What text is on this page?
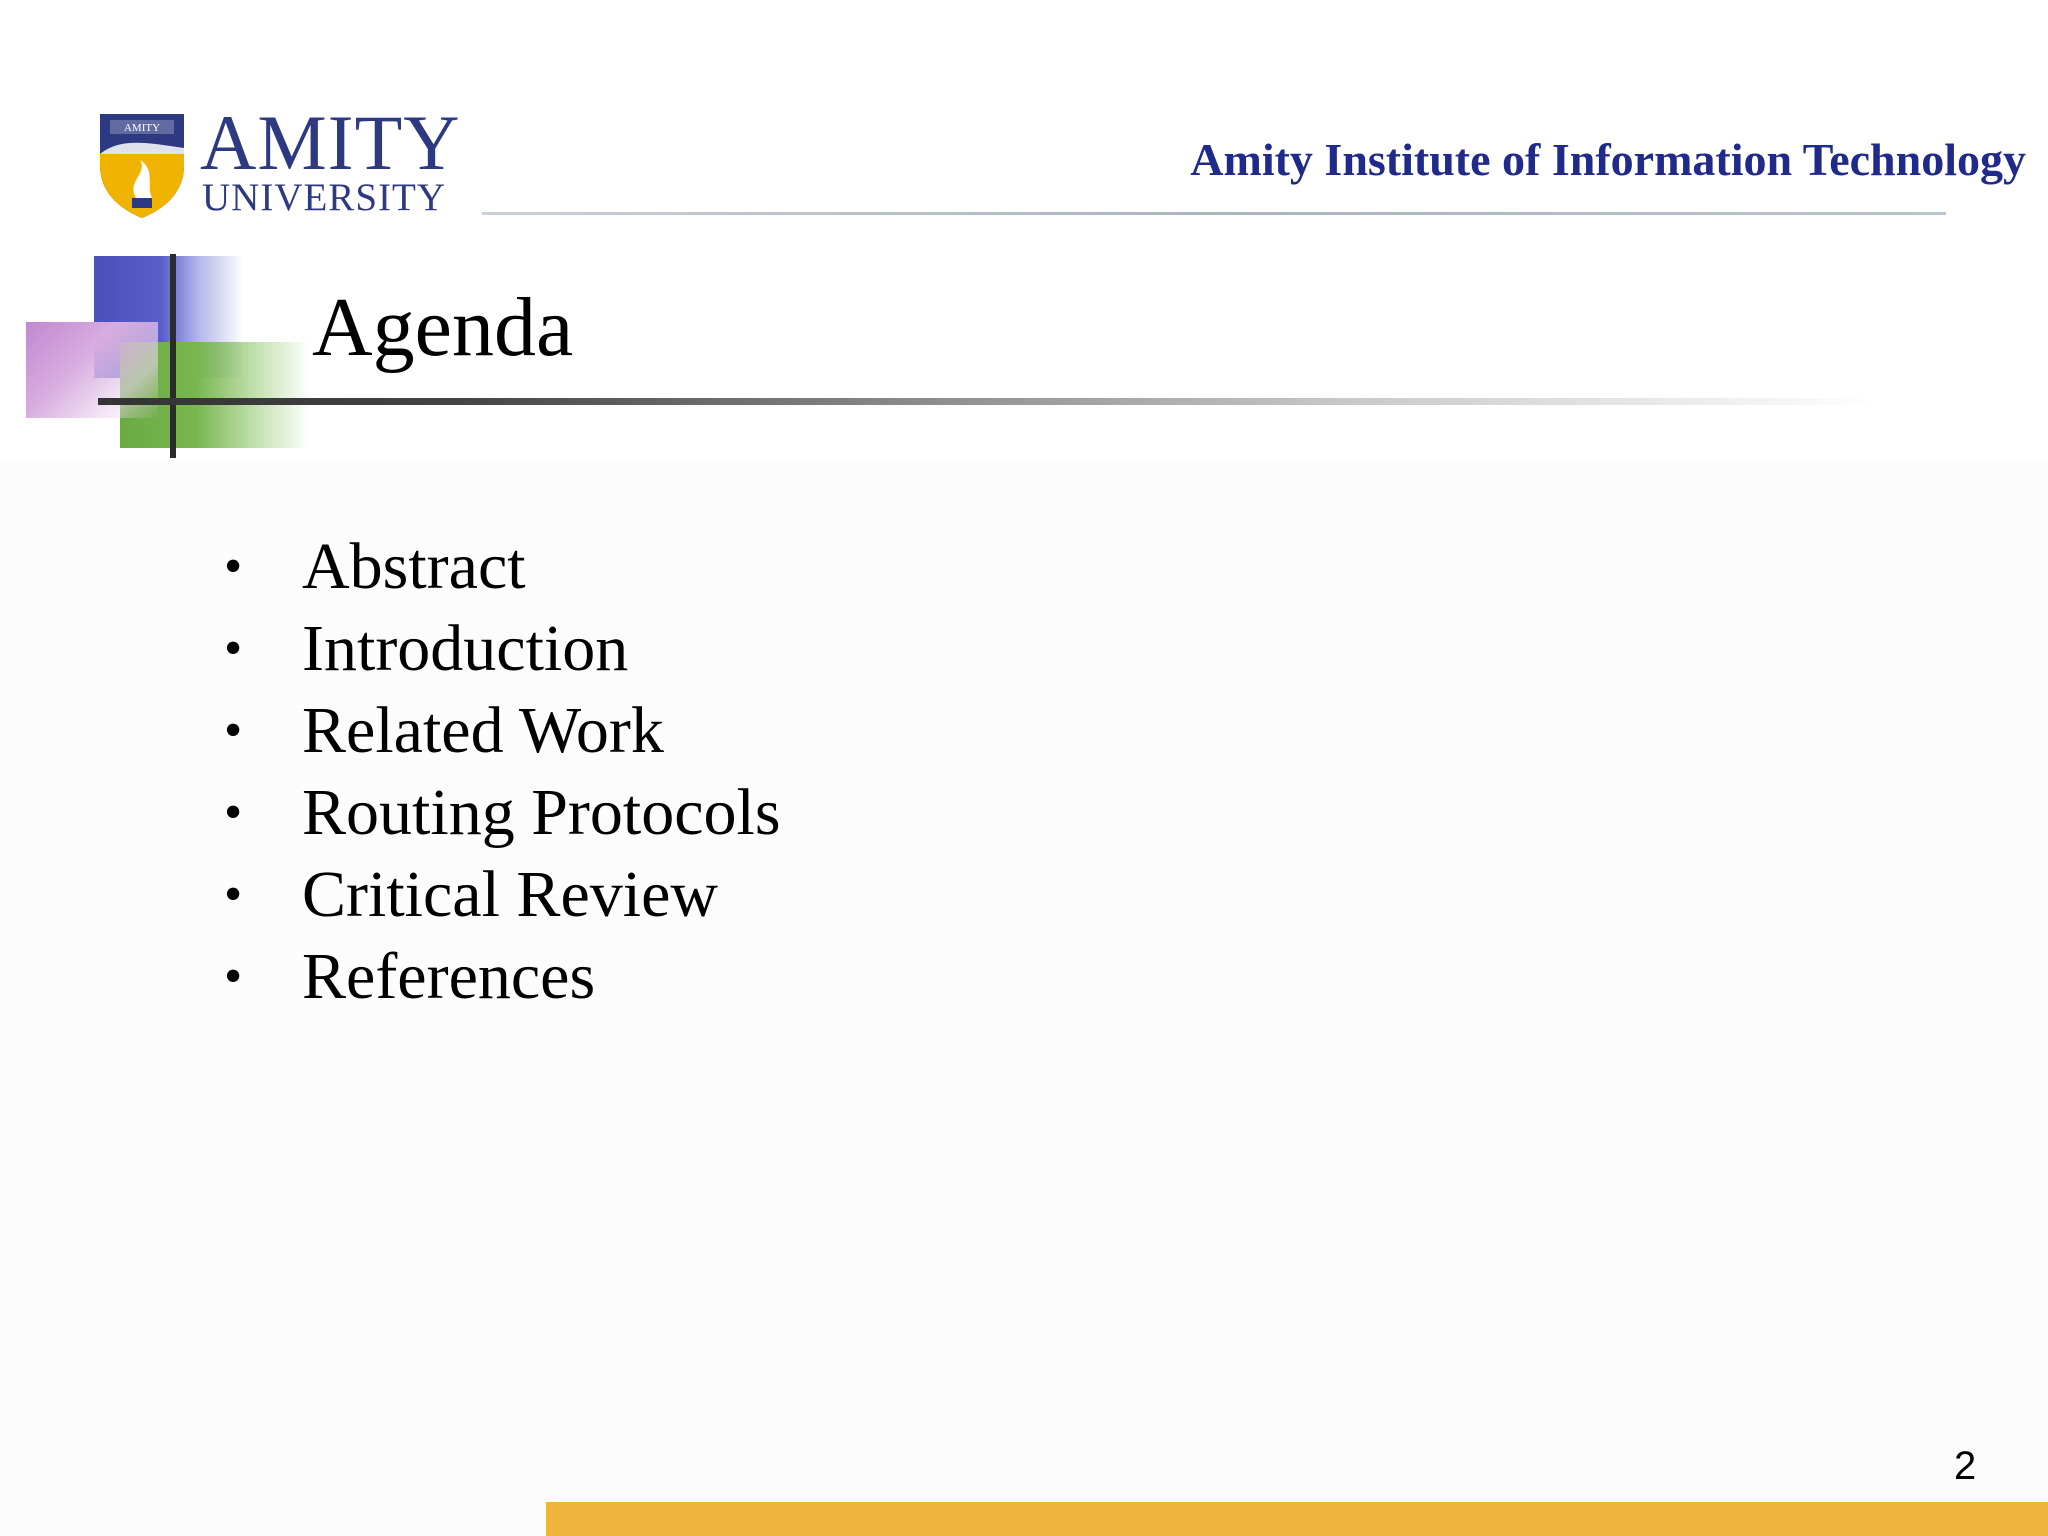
AMITY AMITY
UNIVERSITY
Amity Institute of Information Technology
Agenda
• Abstract
• Introduction
• Related Work
• Routing Protocols
• Critical Review
• References
2
